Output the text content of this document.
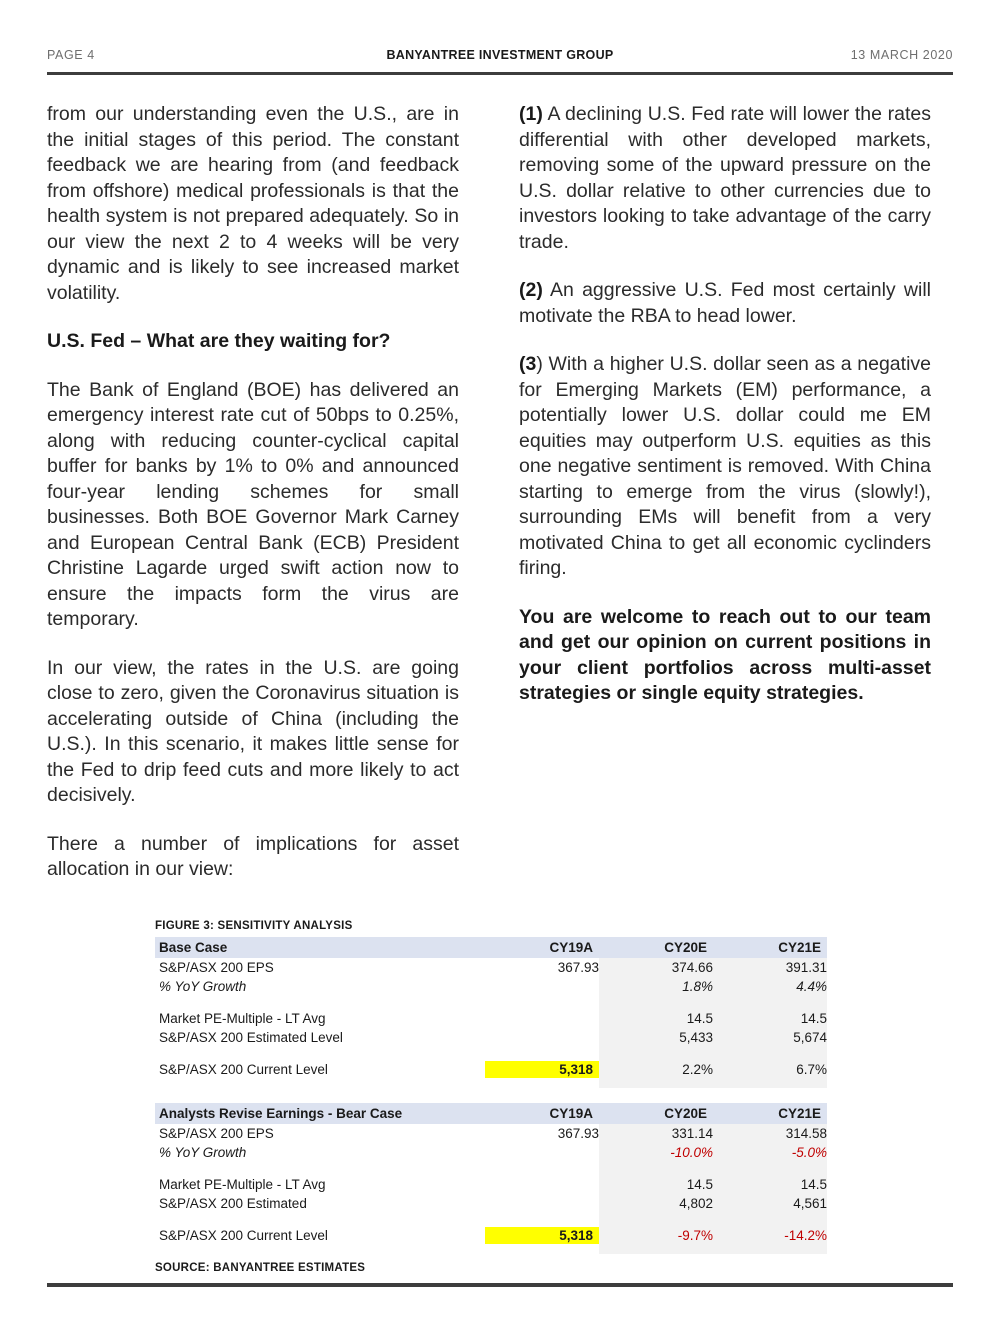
PAGE 4	BANYANTREE INVESTMENT GROUP	13 MARCH 2020

from our understanding even the U.S., are in the initial stages of this period. The constant feedback we are hearing from (and feedback from offshore) medical professionals is that the health system is not prepared adequately. So in our view the next 2 to 4 weeks will be very dynamic and is likely to see increased market volatility.

U.S. Fed – What are they waiting for?

The Bank of England (BOE) has delivered an emergency interest rate cut of 50bps to 0.25%, along with reducing counter-cyclical capital buffer for banks by 1% to 0% and announced four-year lending schemes for small businesses. Both BOE Governor Mark Carney and European Central Bank (ECB) President Christine Lagarde urged swift action now to ensure the impacts form the virus are temporary.

In our view, the rates in the U.S. are going close to zero, given the Coronavirus situation is accelerating outside of China (including the U.S.). In this scenario, it makes little sense for the Fed to drip feed cuts and more likely to act decisively.

There a number of implications for asset allocation in our view:

(1) A declining U.S. Fed rate will lower the rates differential with other developed markets, removing some of the upward pressure on the U.S. dollar relative to other currencies due to investors looking to take advantage of the carry trade.

(2) An aggressive U.S. Fed most certainly will motivate the RBA to head lower.

(3) With a higher U.S. dollar seen as a negative for Emerging Markets (EM) performance, a potentially lower U.S. dollar could me EM equities may outperform U.S. equities as this one negative sentiment is removed. With China starting to emerge from the virus (slowly!), surrounding EMs will benefit from a very motivated China to get all economic cyclinders firing.

You are welcome to reach out to our team and get our opinion on current positions in your client portfolios across multi-asset strategies or single equity strategies.

FIGURE 3: SENSITIVITY ANALYSIS
Base Case	CY19A	CY20E	CY21E
S&P/ASX 200 EPS	367.93	374.66	391.31
% YoY Growth		1.8%	4.4%

Market PE-Multiple - LT Avg		14.5	14.5
S&P/ASX 200 Estimated Level		5,433	5,674

S&P/ASX 200 Current Level	5,318	2.2%	6.7%

Analysts Revise Earnings - Bear Case	CY19A	CY20E	CY21E
S&P/ASX 200 EPS	367.93	331.14	314.58
% YoY Growth		-10.0%	-5.0%

Market PE-Multiple - LT Avg		14.5	14.5
S&P/ASX 200 Estimated		4,802	4,561

S&P/ASX 200 Current Level	5,318	-9.7%	-14.2%

SOURCE: BANYANTREE ESTIMATES
